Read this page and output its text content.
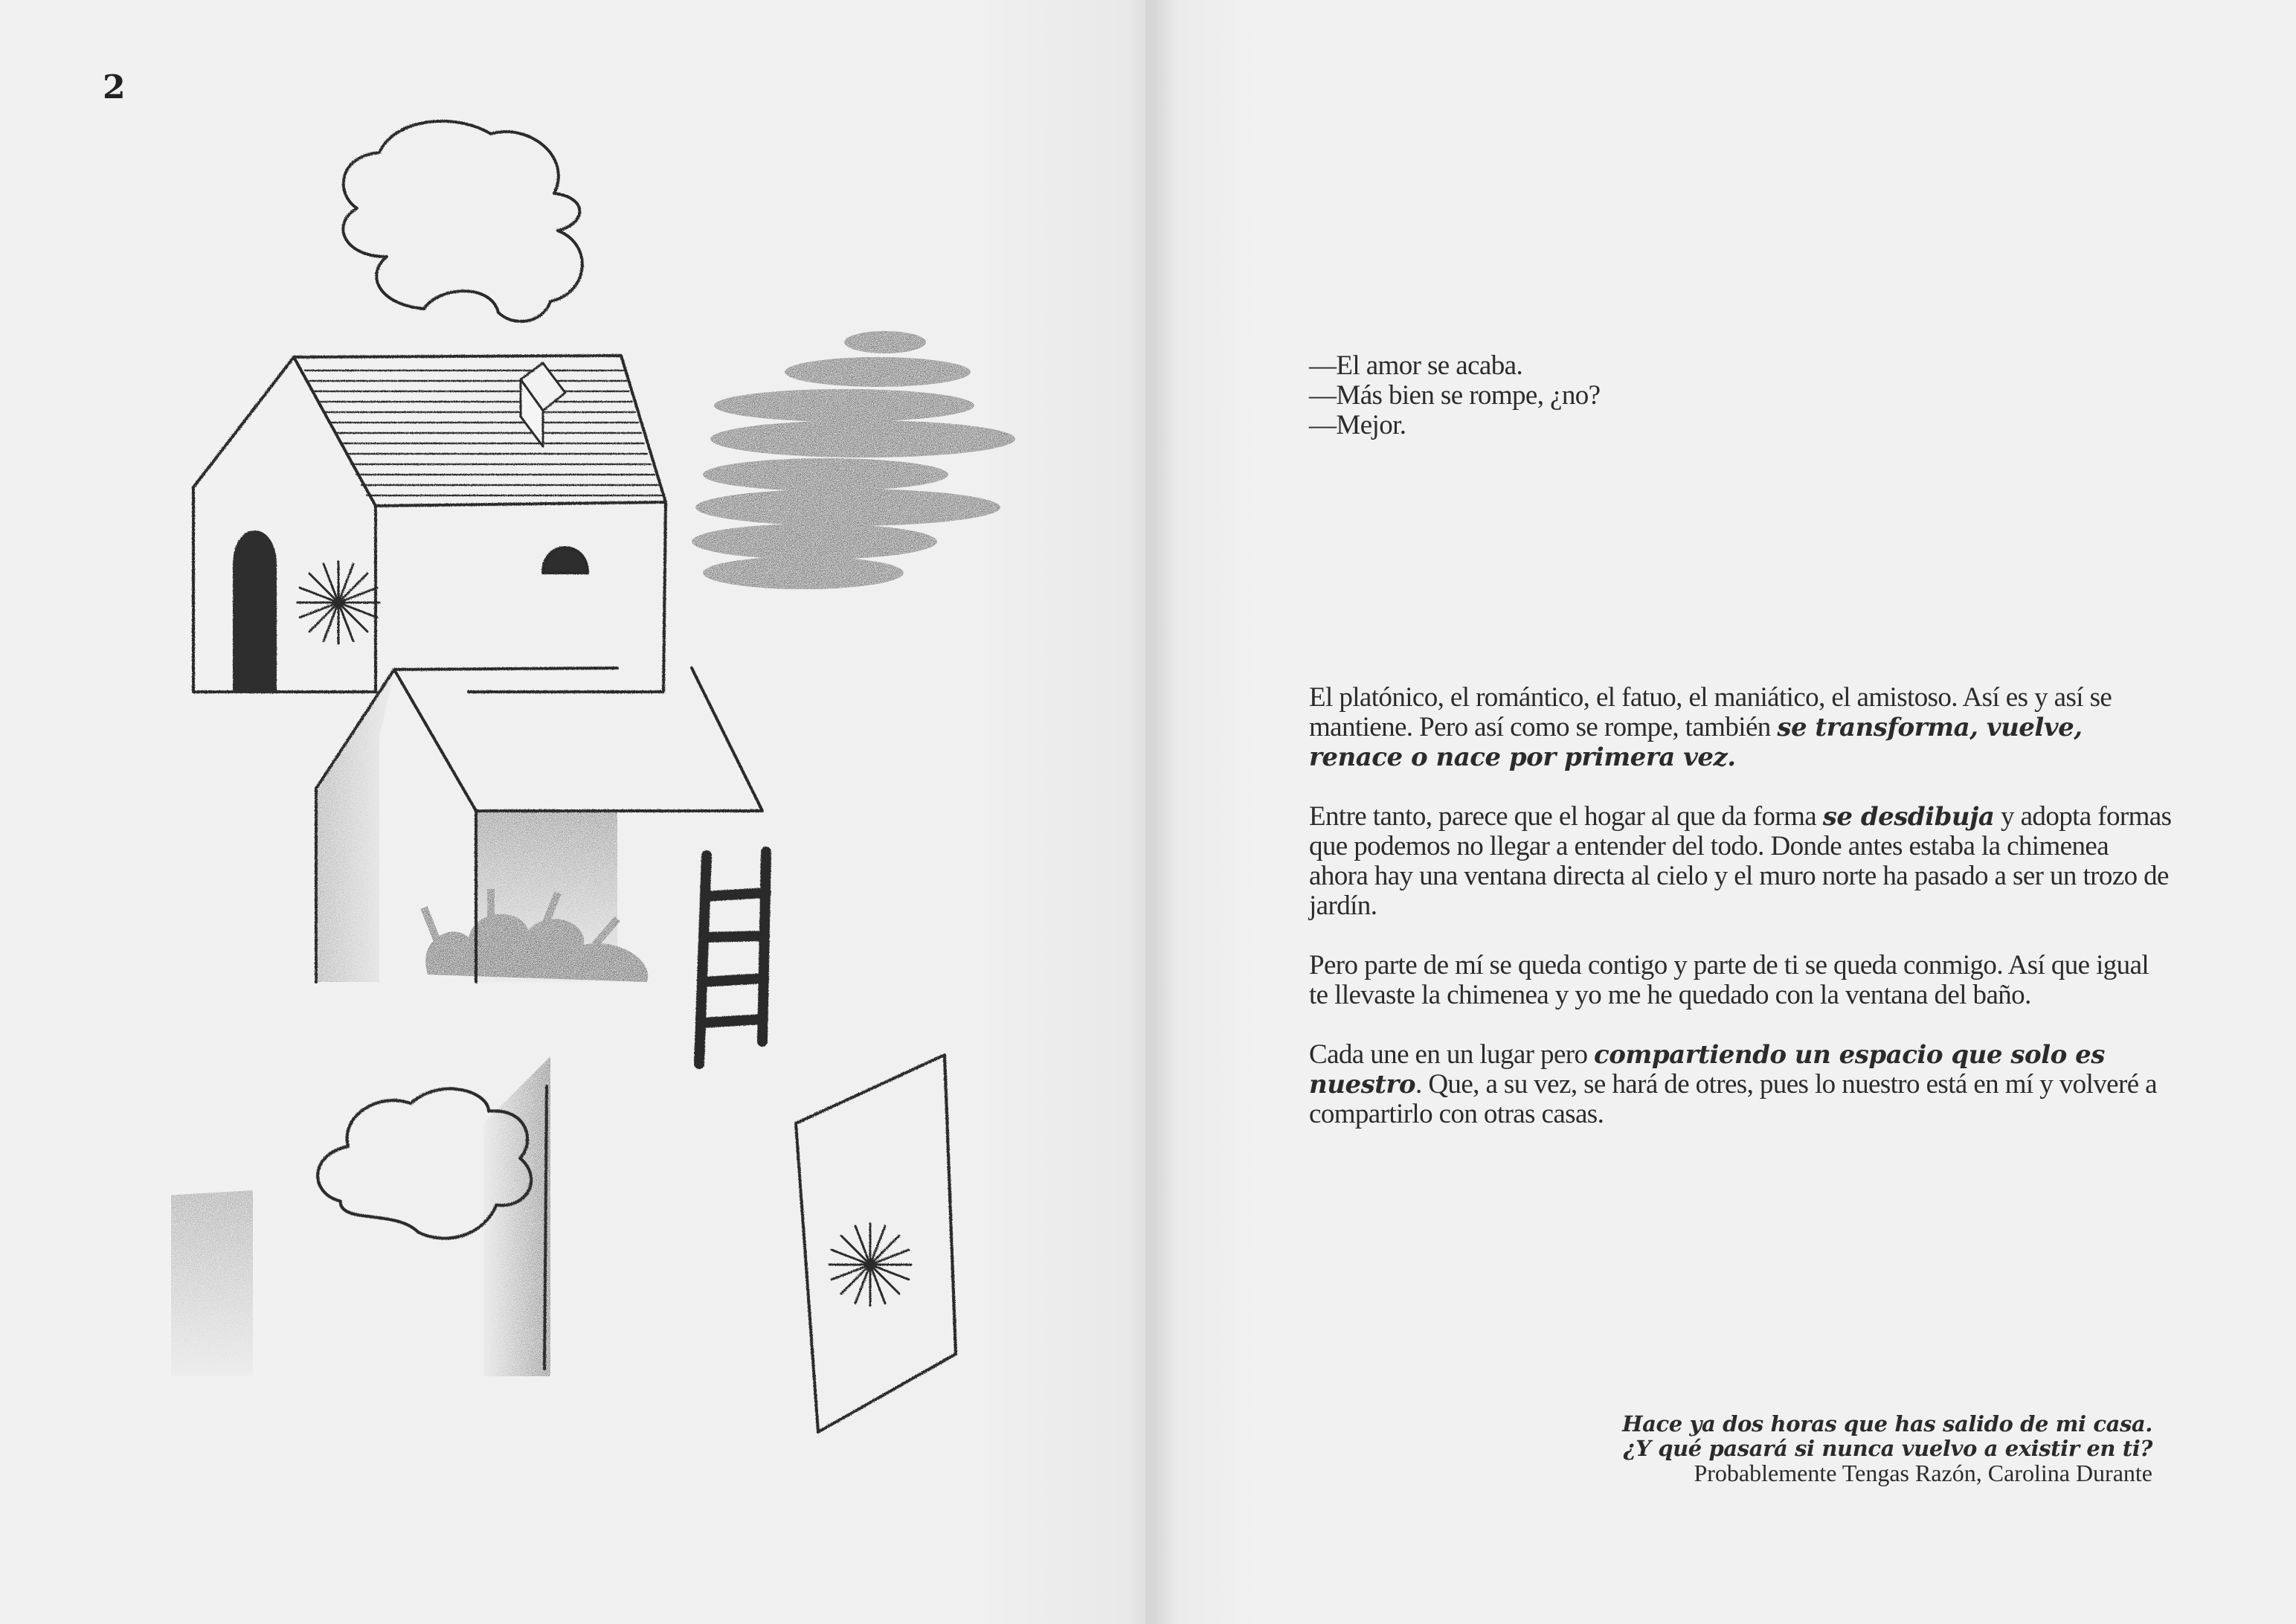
2
—El amor se acaba.
—Más bien se rompe, ¿no?
—Mejor.

El platónico, el romántico, el fatuo, el maniático, el amistoso. Así es y así se mantiene. Pero así como se rompe, también se transforma, vuelve, renace o nace por primera vez.

Entre tanto, parece que el hogar al que da forma se desdibuja y adopta formas que podemos no llegar a entender del todo. Donde antes estaba la chimenea ahora hay una ventana directa al cielo y el muro norte ha pasado a ser un trozo de jardín.

Pero parte de mí se queda contigo y parte de ti se queda conmigo. Así que igual te llevaste la chimenea y yo me he quedado con la ventana del baño.

Cada une en un lugar pero compartiendo un espacio que solo es nuestro. Que, a su vez, se hará de otres, pues lo nuestro está en mí y volveré a compartirlo con otras casas.

Hace ya dos horas que has salido de mi casa.
¿Y qué pasará si nunca vuelvo a existir en ti?
Probablemente Tengas Razón, Carolina Durante
